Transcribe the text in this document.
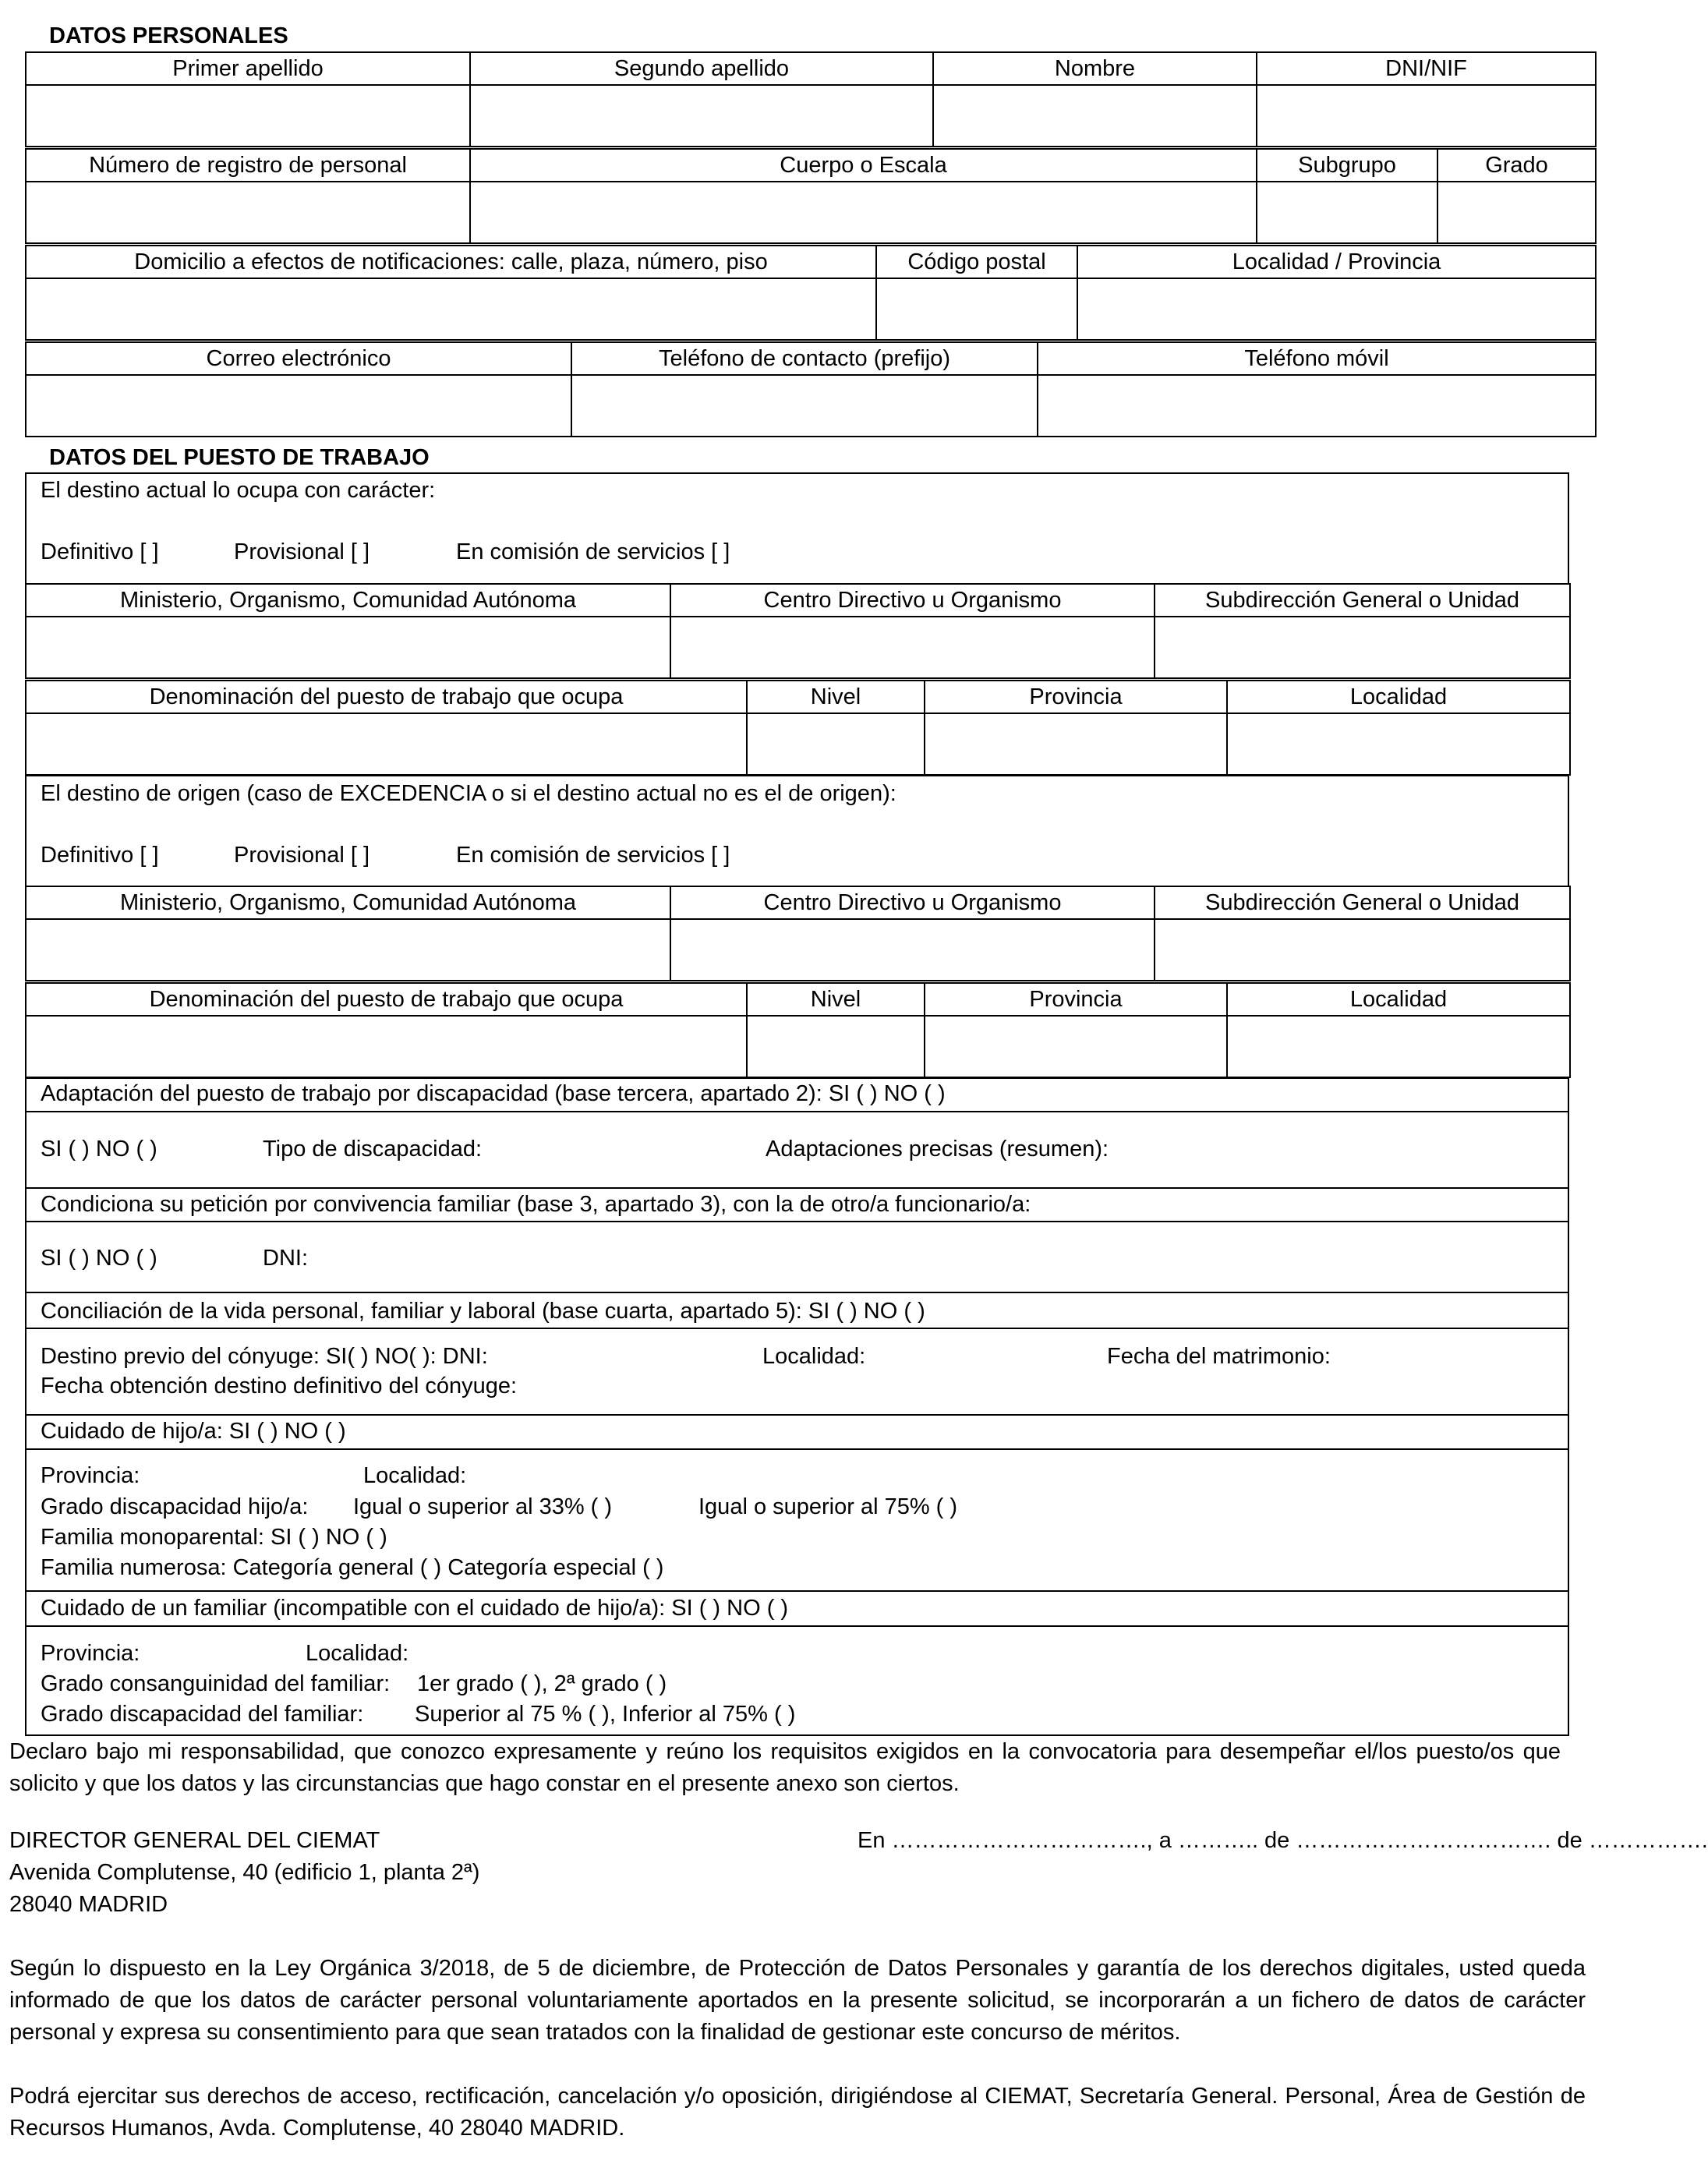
DATOS PERSONALES
Primer apellido	Segundo apellido	Nombre	DNI/NIF

Número de registro de personal	Cuerpo o Escala	Subgrupo	Grado

Domicilio a efectos de notificaciones: calle, plaza, número, piso	Código postal	Localidad / Provincia

Correo electrónico	Teléfono de contacto (prefijo)	Teléfono móvil

DATOS DEL PUESTO DE TRABAJO
El destino actual lo ocupa con carácter:
Definitivo [ ]	Provisional [ ]	En comisión de servicios [ ]
Ministerio, Organismo, Comunidad Autónoma	Centro Directivo u Organismo	Subdirección General o Unidad

Denominación del puesto de trabajo que ocupa	Nivel	Provincia	Localidad

El destino de origen (caso de EXCEDENCIA o si el destino actual no es el de origen):
Definitivo [ ]	Provisional [ ]	En comisión de servicios [ ]
Ministerio, Organismo, Comunidad Autónoma	Centro Directivo u Organismo	Subdirección General o Unidad

Denominación del puesto de trabajo que ocupa	Nivel	Provincia	Localidad

Adaptación del puesto de trabajo por discapacidad (base tercera, apartado 2): SI ( ) NO ( )
SI ( ) NO ( )	Tipo de discapacidad:	Adaptaciones precisas (resumen):
Condiciona su petición por convivencia familiar (base 3, apartado 3), con la de otro/a funcionario/a:
SI ( ) NO ( )	DNI:
Conciliación de la vida personal, familiar y laboral (base cuarta, apartado 5): SI ( ) NO ( )
Destino previo del cónyuge: SI( ) NO( ): DNI:	Localidad:	Fecha del matrimonio:
Fecha obtención destino definitivo del cónyuge:
Cuidado de hijo/a: SI ( ) NO ( )
Provincia:	Localidad:
Grado discapacidad hijo/a: Igual o superior al 33% ( )	Igual o superior al 75% ( )
Familia monoparental: SI ( ) NO ( )
Familia numerosa: Categoría general ( ) Categoría especial ( )
Cuidado de un familiar (incompatible con el cuidado de hijo/a): SI ( ) NO ( )
Provincia:	Localidad:
Grado consanguinidad del familiar: 1er grado ( ), 2ª grado ( )
Grado discapacidad del familiar: Superior al 75 % ( ), Inferior al 75% ( )
Declaro bajo mi responsabilidad, que conozco expresamente y reúno los requisitos exigidos en la convocatoria para desempeñar el/los puesto/os que solicito y que los datos y las circunstancias que hago constar en el presente anexo son ciertos.
DIRECTOR GENERAL DEL CIEMAT
Avenida Complutense, 40 (edificio 1, planta 2ª)
28040 MADRID
En ……………………………., a ……….. de ……………………………. de …………….
Según lo dispuesto en la Ley Orgánica 3/2018, de 5 de diciembre, de Protección de Datos Personales y garantía de los derechos digitales, usted queda informado de que los datos de carácter personal voluntariamente aportados en la presente solicitud, se incorporarán a un fichero de datos de carácter personal y expresa su consentimiento para que sean tratados con la finalidad de gestionar este concurso de méritos.
Podrá ejercitar sus derechos de acceso, rectificación, cancelación y/o oposición, dirigiéndose al CIEMAT, Secretaría General. Personal, Área de Gestión de Recursos Humanos, Avda. Complutense, 40 28040 MADRID.
